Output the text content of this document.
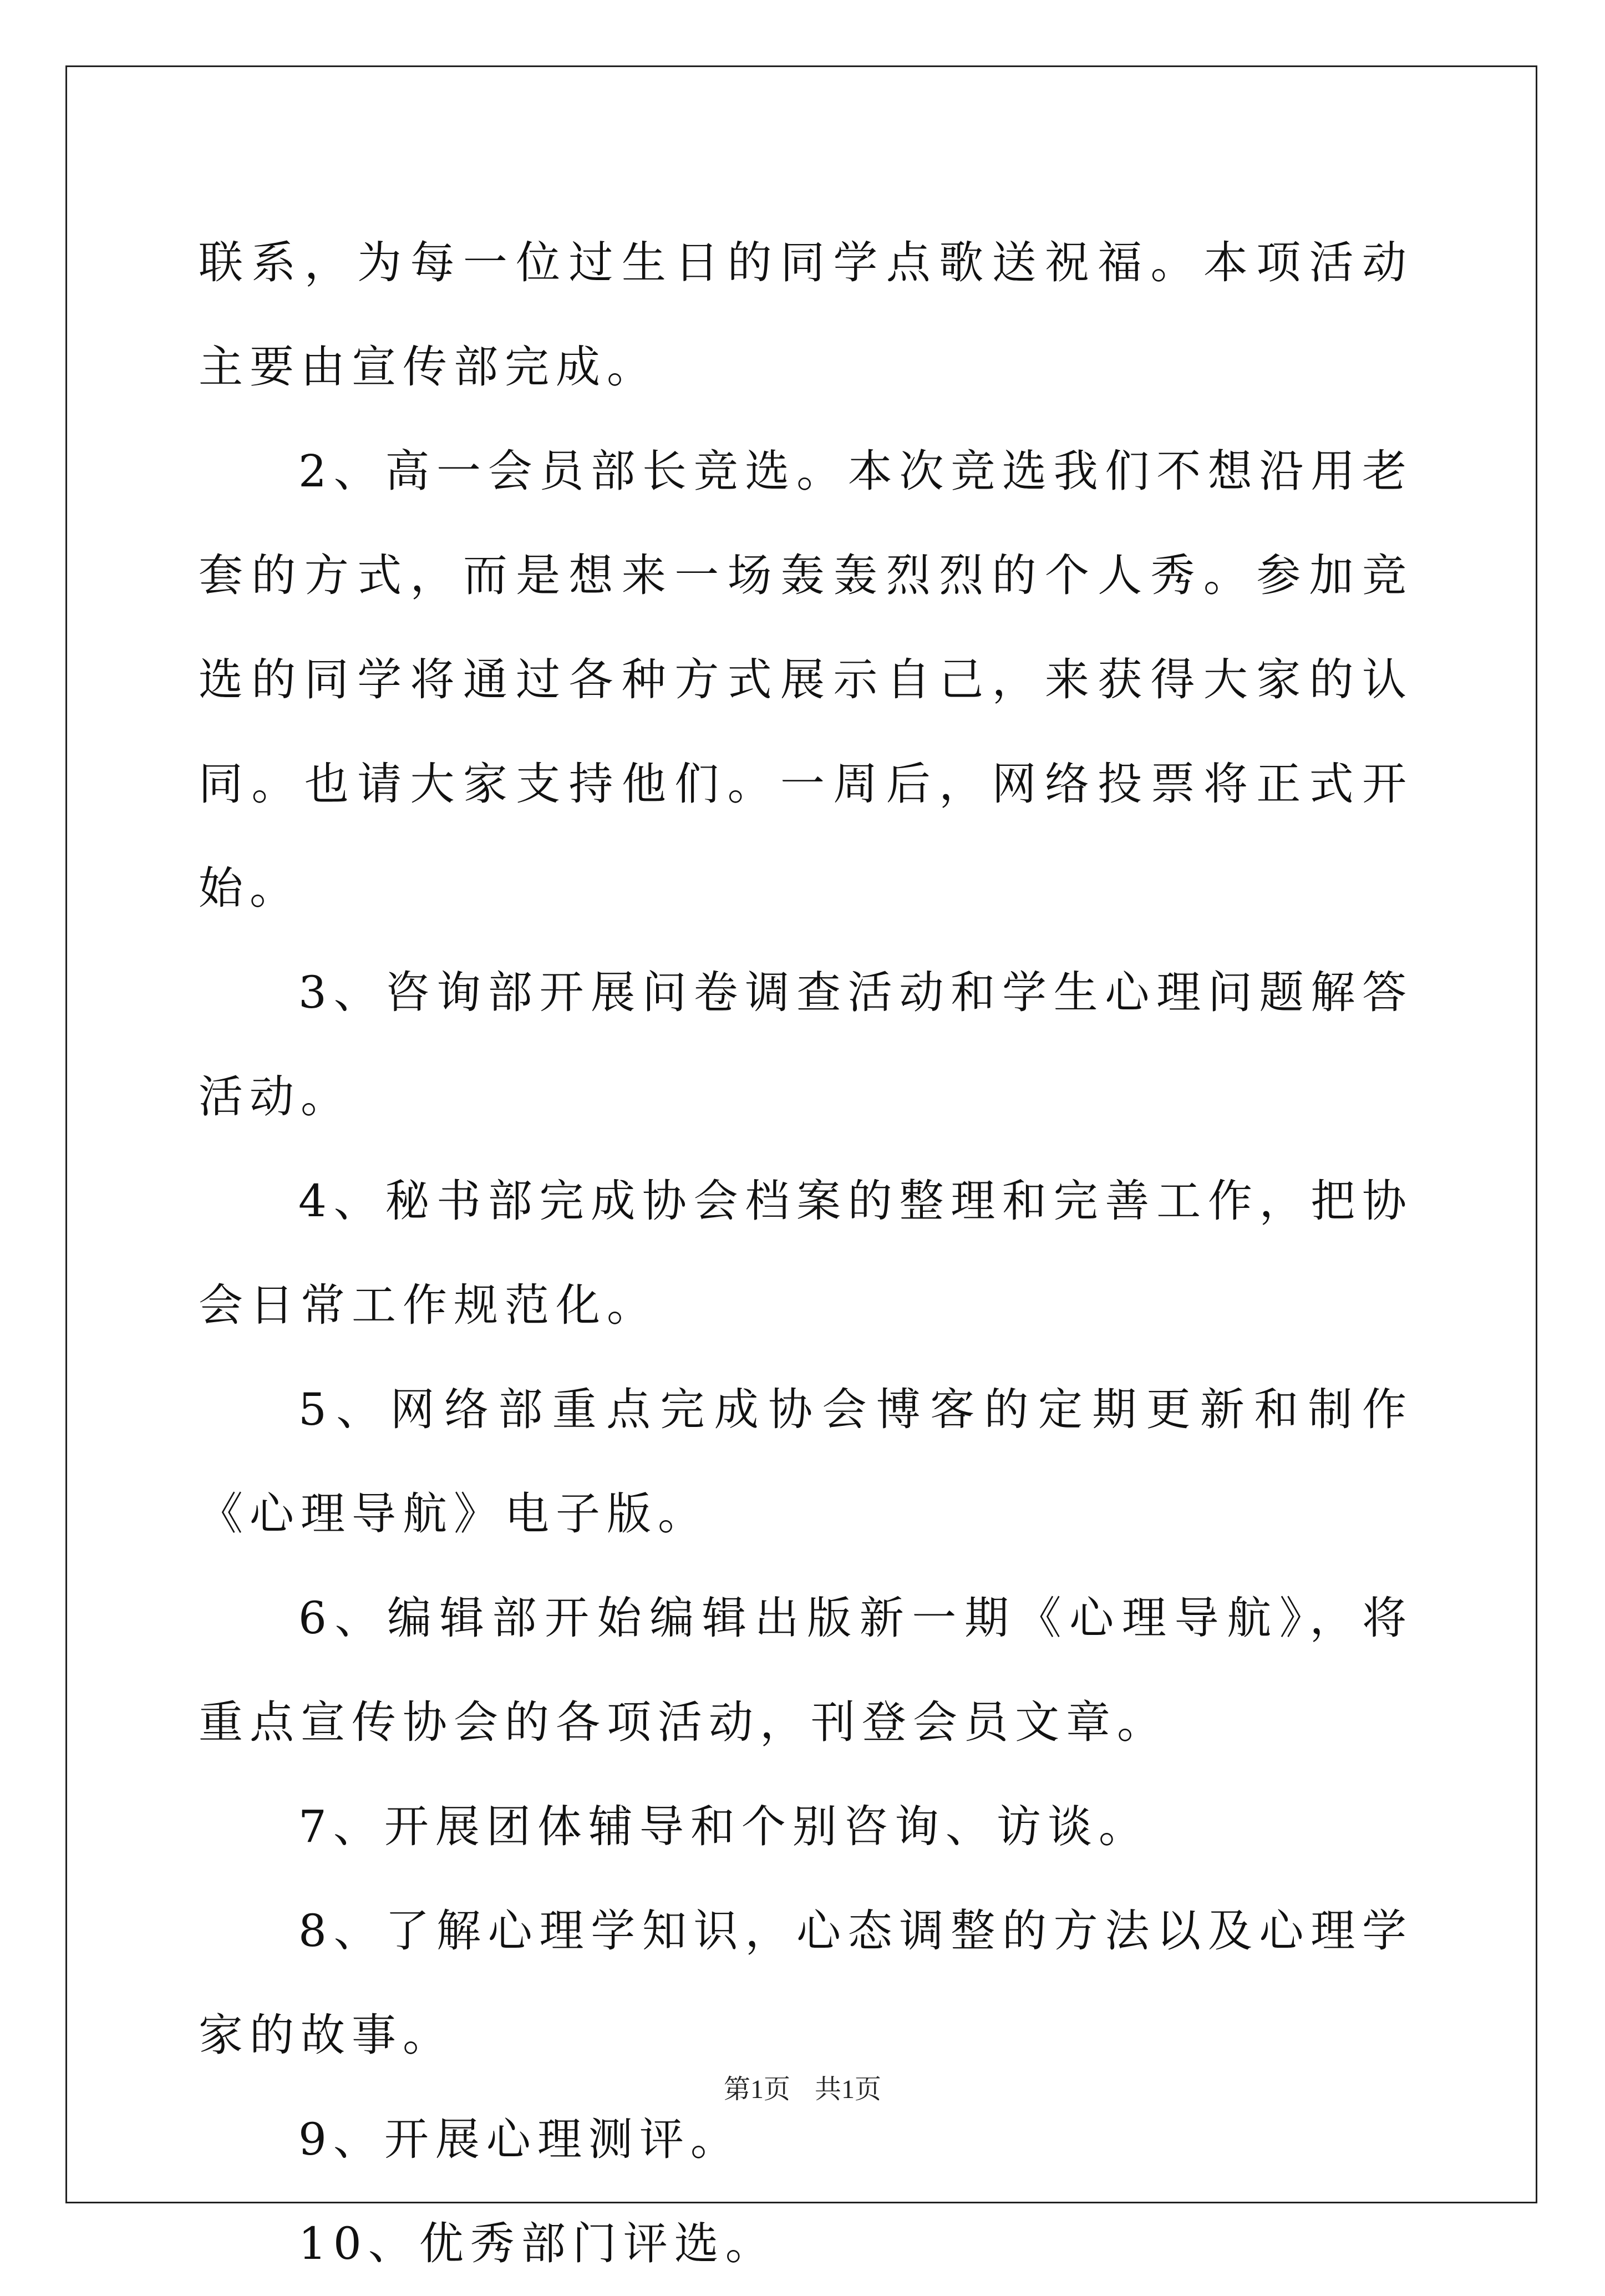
联系，为每一位过生日的同学点歌送祝福。本项活动主要由宣传部完成。

2、高一会员部长竞选。本次竞选我们不想沿用老套的方式，而是想来一场轰轰烈烈的个人秀。参加竞选的同学将通过各种方式展示自己，来获得大家的认同。也请大家支持他们。一周后，网络投票将正式开始。

3、咨询部开展问卷调查活动和学生心理问题解答活动。

4、秘书部完成协会档案的整理和完善工作，把协会日常工作规范化。

5、网络部重点完成协会博客的定期更新和制作《心理导航》电子版。

6、编辑部开始编辑出版新一期《心理导航》，将重点宣传协会的各项活动，刊登会员文章。

7、开展团体辅导和个别咨询、访谈。

8、了解心理学知识，心态调整的方法以及心理学家的故事。

9、开展心理测评。

10、优秀部门评选。

第1页 共1页
